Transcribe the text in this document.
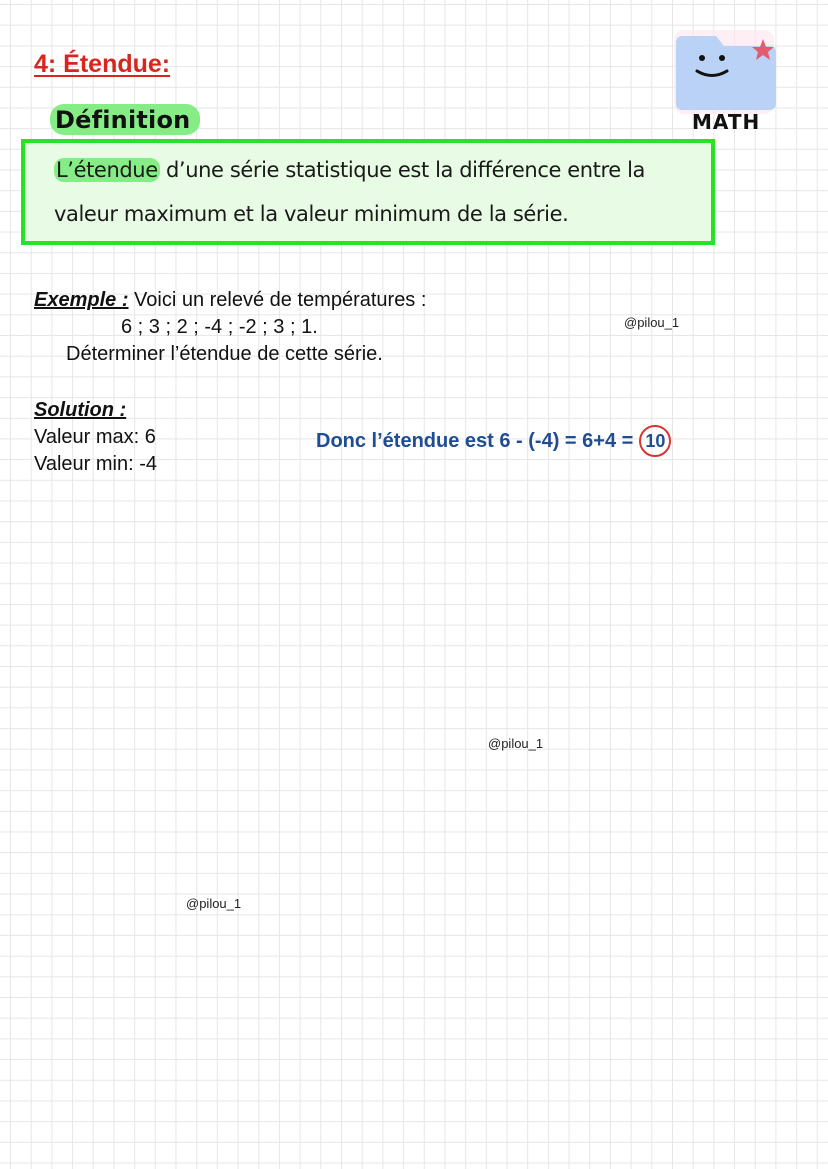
4: Étendue:
Définition	MATH

L’étendue d’une série statistique est la différence entre la valeur maximum et la valeur minimum de la série.

Exemple : Voici un relevé de températures :

6 ; 3 ; 2 ; -4 ; -2 ; 3 ; 1.

Déterminer l’étendue de cette série.

Solution :

Valeur max: 6

Valeur min: -4

Donc l’étendue est 6 - (-4) = 6+4 = 10

@pilou_1
@pilou_1
@pilou_1
